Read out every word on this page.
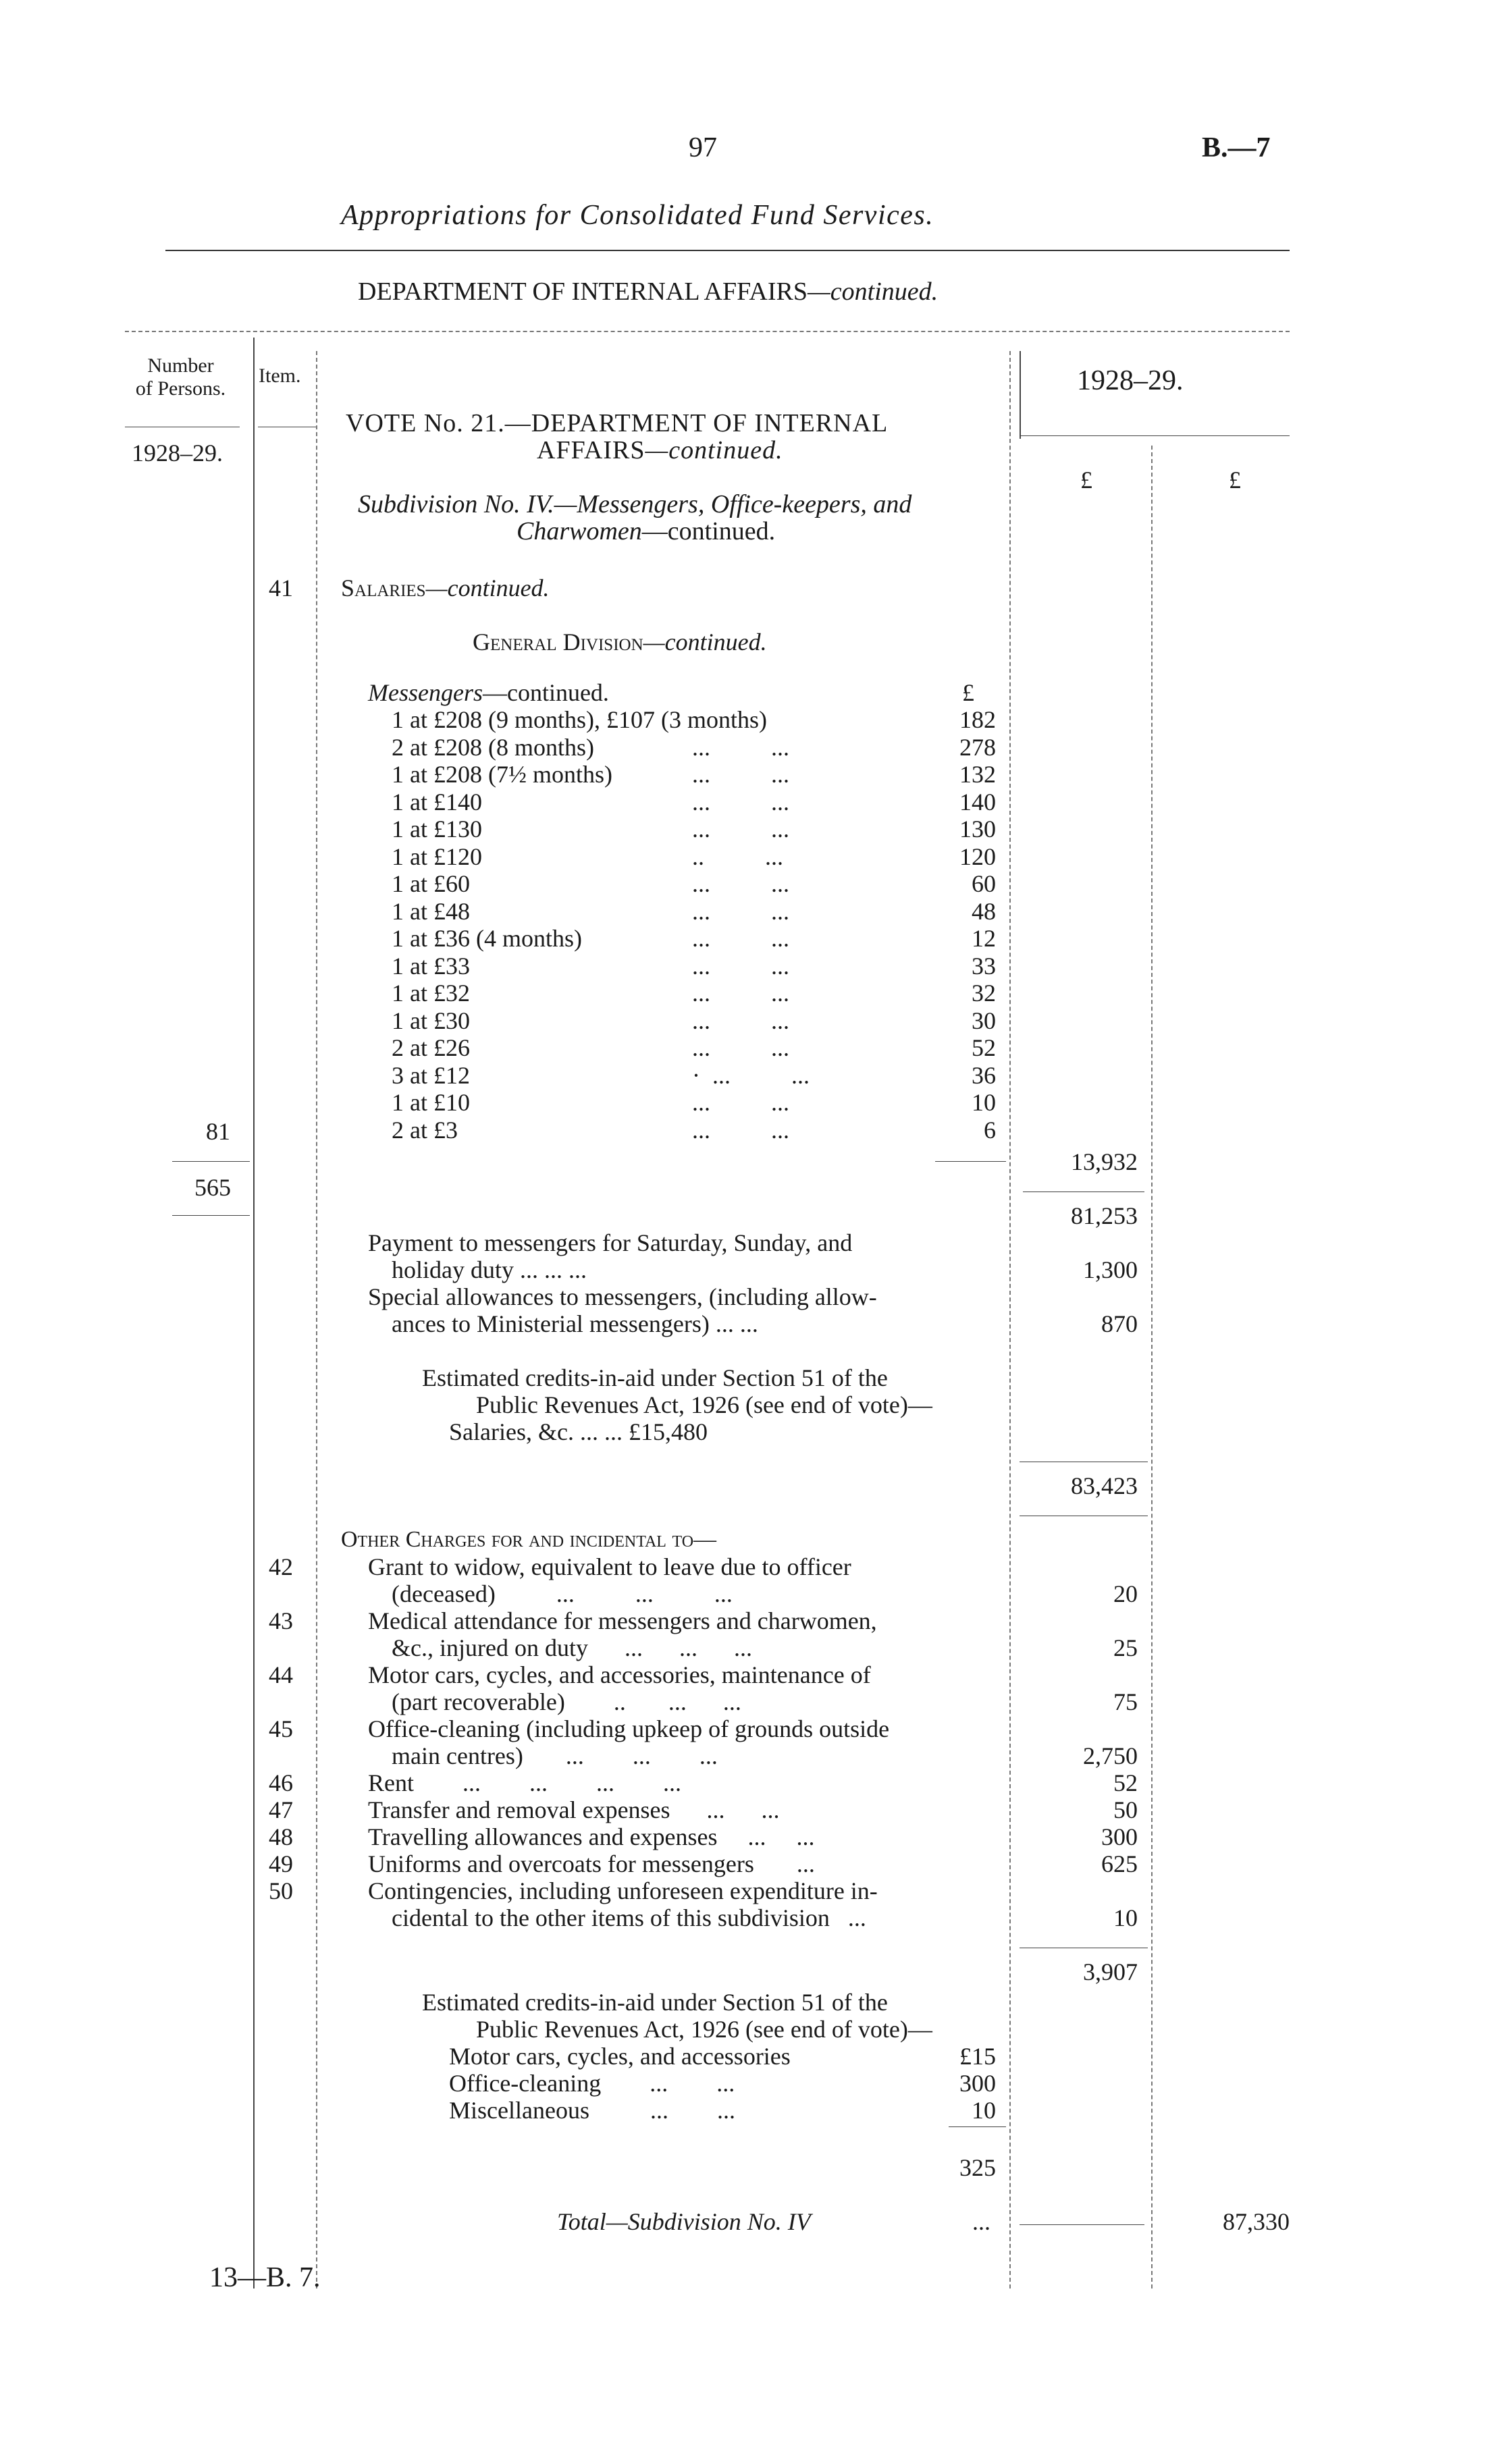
97	B.—7
Appropriations for Consolidated Fund Services.
DEPARTMENT OF INTERNAL AFFAIRS—continued.
Number
of Persons.
Item.	1928–29.
1928–29.
£	£
VOTE No. 21.—DEPARTMENT OF INTERNAL
AFFAIRS—continued.
Subdivision No. IV.—Messengers, Office-keepers, and
Charwomen—continued.
41 Salaries—continued.
General Division—continued.
Messengers—continued.	£
1 at £208 (9 months), £107 (3 months)	182
2 at £208 (8 months)	...          ...	278
1 at £208 (7½ months)	...          ...	132
1 at £140	...          ...	140
1 at £130	...          ...	130
1 at £120	..          ...	120
1 at £60	...          ...	60
1 at £48	...          ...	48
1 at £36 (4 months)	...          ...	12
1 at £33	...          ...	33
1 at £32	...          ...	32
1 at £30	...          ...	30
2 at £26	...          ...	52
3 at £12	·  ...          ...	36
1 at £10	...          ...	10
2 at £3	...          ...	6
81
565
13,932
81,253
Payment to messengers for Saturday, Sunday, and
holiday duty ... ... ...	1,300
Special allowances to messengers, (including allow-
ances to Ministerial messengers) ... ...	870
Estimated credits-in-aid under Section 51 of the
Public Revenues Act, 1926 (see end of vote)—
Salaries, &c. ... ... £15,480
83,423
Other Charges for and incidental to—
42	Grant to widow, equivalent to leave due to officer
(deceased)          ...          ...          ...	20
43	Medical attendance for messengers and charwomen,
&c., injured on duty      ...      ...      ...	25
44	Motor cars, cycles, and accessories, maintenance of
(part recoverable)        ..       ...      ...	75
45	Office-cleaning (including upkeep of grounds outside
main centres)       ...        ...        ...	2,750
46	Rent        ...        ...        ...        ...	52
47	Transfer and removal expenses      ...      ...	50
48	Travelling allowances and expenses     ...     ...	300
49	Uniforms and overcoats for messengers       ...	625
50	Contingencies, including unforeseen expenditure in-
cidental to the other items of this subdivision   ...	10
3,907
Estimated credits-in-aid under Section 51 of the
Public Revenues Act, 1926 (see end of vote)—
Motor cars, cycles, and accessories	£15
Office-cleaning        ...        ...	300
Miscellaneous          ...        ...	10
325
Total—Subdivision No. IV	...	87,330
13—B. 7.
